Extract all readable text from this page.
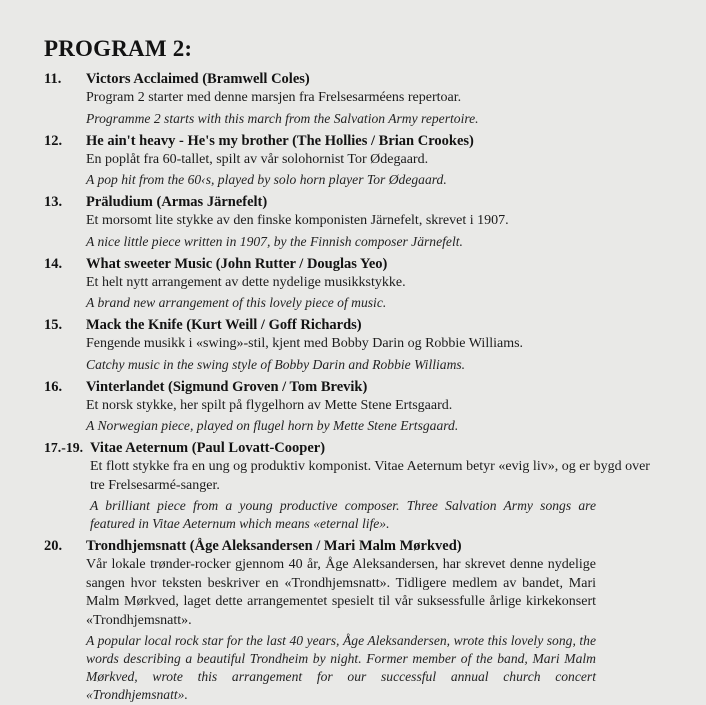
PROGRAM 2:
11.	Victors Acclaimed (Bramwell Coles)

Program 2 starter med denne marsjen fra Frelsesarméens repertoar.

Programme 2 starts with this march from the Salvation Army repertoire.

12.	He ain't heavy - He's my brother (The Hollies / Brian Crookes)

En poplåt fra 60-tallet, spilt av vår solohornist Tor Ødegaard.

A pop hit from the 60‹s, played by solo horn player Tor Ødegaard.

13.	Präludium (Armas Järnefelt)

Et morsomt lite stykke av den finske komponisten Järnefelt, skrevet i 1907.

A nice little piece written in 1907, by the Finnish composer Järnefelt.

14.	What sweeter Music (John Rutter / Douglas Yeo)

Et helt nytt arrangement av dette nydelige musikkstykke.

A brand new arrangement of this lovely piece of music.

15.	Mack the Knife (Kurt Weill / Goff Richards)

Fengende musikk i «swing»-stil, kjent med Bobby Darin og Robbie Williams.

Catchy music in the swing style of Bobby Darin and Robbie Williams.

16.	Vinterlandet (Sigmund Groven / Tom Brevik)

Et norsk stykke, her spilt på flygelhorn av Mette Stene Ertsgaard.

A Norwegian piece, played on flugel horn by Mette Stene Ertsgaard.

17.-19. Vitae Aeternum (Paul Lovatt-Cooper)

Et flott stykke fra en ung og produktiv komponist. Vitae Aeternum betyr «evig liv», og er bygd over tre Frelsesarmé-sanger.

A brilliant piece from a young productive composer. Three Salvation Army songs are featured in Vitae Aeternum which means «eternal life».

20.	Trondhjemsnatt (Åge Aleksandersen / Mari Malm Mørkved)

Vår lokale trønder-rocker gjennom 40 år, Åge Aleksandersen, har skrevet denne nydelige sangen hvor teksten beskriver en «Trondhjemsnatt». Tidligere medlem av bandet, Mari Malm Mørkved, laget dette arrangementet spesielt til vår suksessfulle årlige kirkekonsert «Trondhjemsnatt».

A popular local rock star for the last 40 years, Åge Aleksandersen, wrote this lovely song, the words describing a beautiful Trondheim by night. Former member of the band, Mari Malm Mørkved, wrote this arrangement for our successful annual church concert «Trondhjemsnatt».
